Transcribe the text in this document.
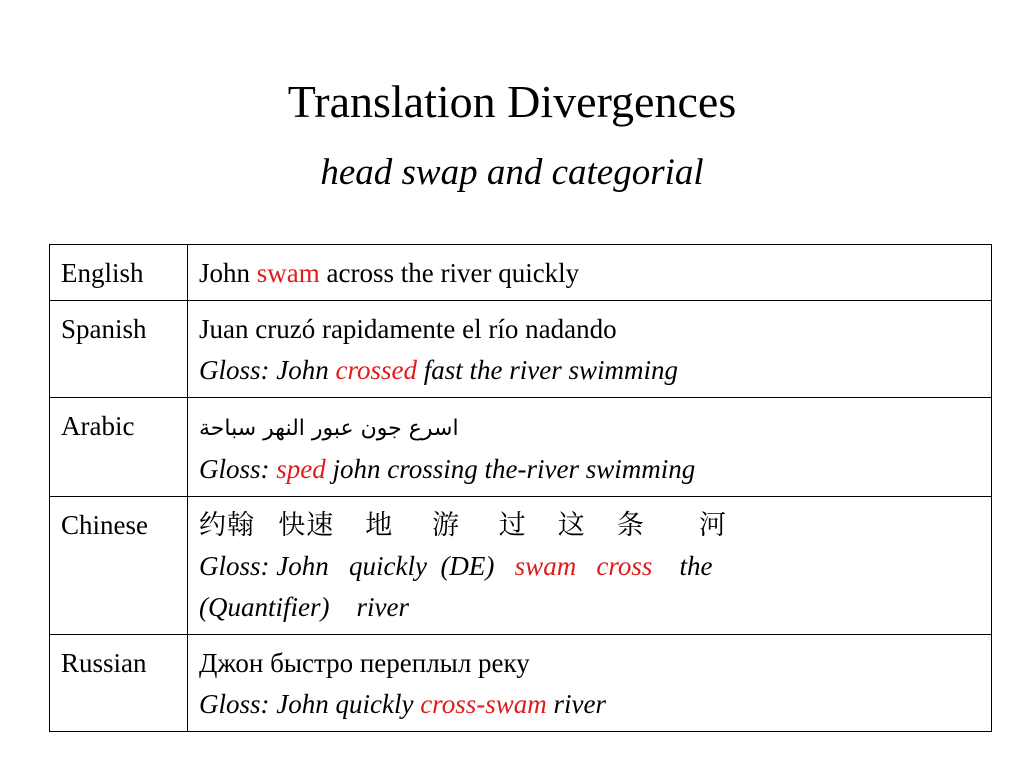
Translation Divergences
head swap and categorial
English	John swam across the river quickly

Spanish	Juan cruzó rapidamente el río nadando
Gloss: John crossed fast the river swimming

Arabic	اسرع جون عبور النهر سباحة
Gloss: sped john crossing the-river swimming

Chinese	约翰   快速    地     游     过    这    条       河
Gloss: John   quickly  (DE)   swam   cross    the
(Quantifier)    river

Russian	Джон быстро переплыл реку
Gloss: John quickly cross-swam river
